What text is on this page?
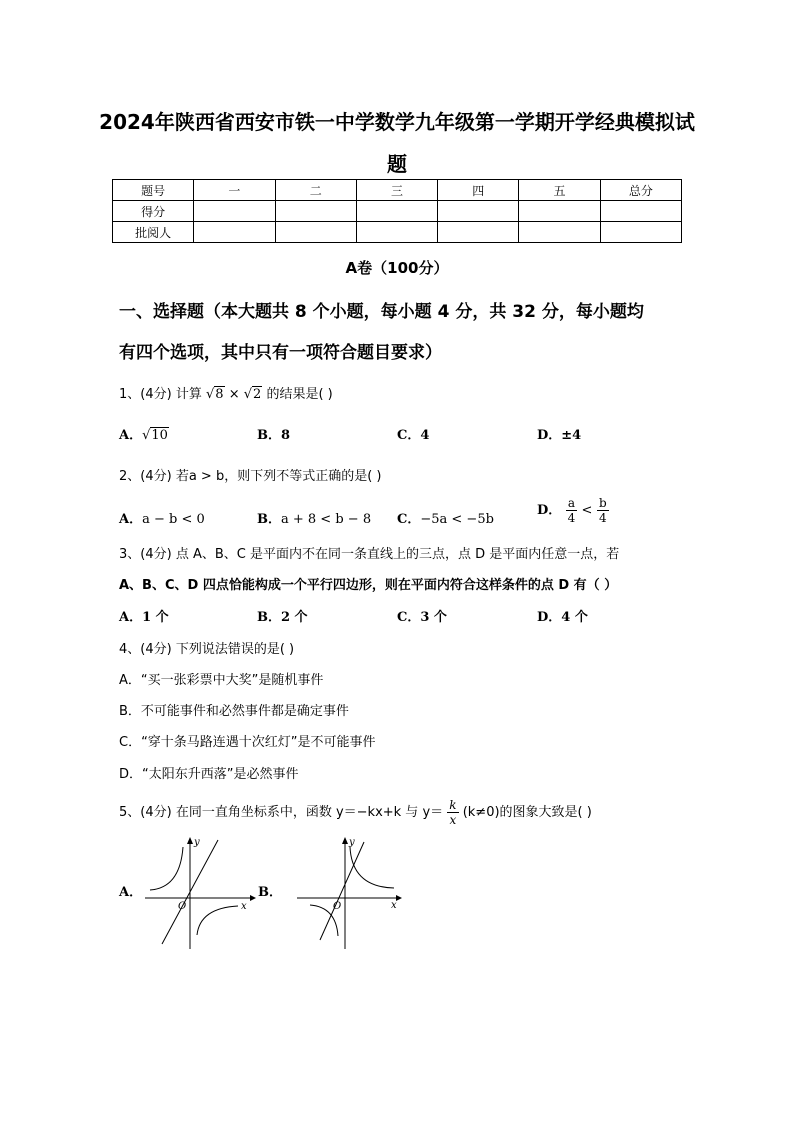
2024年陕西省西安市铁一中学数学九年级第一学期开学经典模拟试
题
题号	一	二	三	四	五	总分
得分						
批阅人						
A卷（100分）
一、选择题（本大题共 8 个小题，每小题 4 分，共 32 分，每小题均
有四个选项，其中只有一项符合题目要求）
1、(4分) 计算 √8 × √2 的结果是( )
A．√10	B．8	C．4	D．±4
2、(4分) 若a > b，则下列不等式正确的是( )
A．a − b < 0	B．a + 8 < b − 8 C．−5a < −5b
D． $\frac{a}{4} < \frac{b}{4}$
3、(4分) 点 A、B、C 是平面内不在同一条直线上的三点，点 D 是平面内任意一点，若
A、B、C、D 四点恰能构成一个平行四边形，则在平面内符合这样条件的点 D 有（ ）
A．1 个	B．2 个	C．3 个	D．4 个
4、(4分) 下列说法错误的是( )
A．“买一张彩票中大奖”是随机事件
B．不可能事件和必然事件都是确定事件
C．“穿十条马路连遇十次红灯”是不可能事件
D．“太阳东升西落”是必然事件
5、(4分) 在同一直角坐标系中，函数 y＝−kx+k 与 $y= \frac{k}{x} (k\ne 0)$的图象大致是( )
A．
y
x
O
B．
y
x
O
